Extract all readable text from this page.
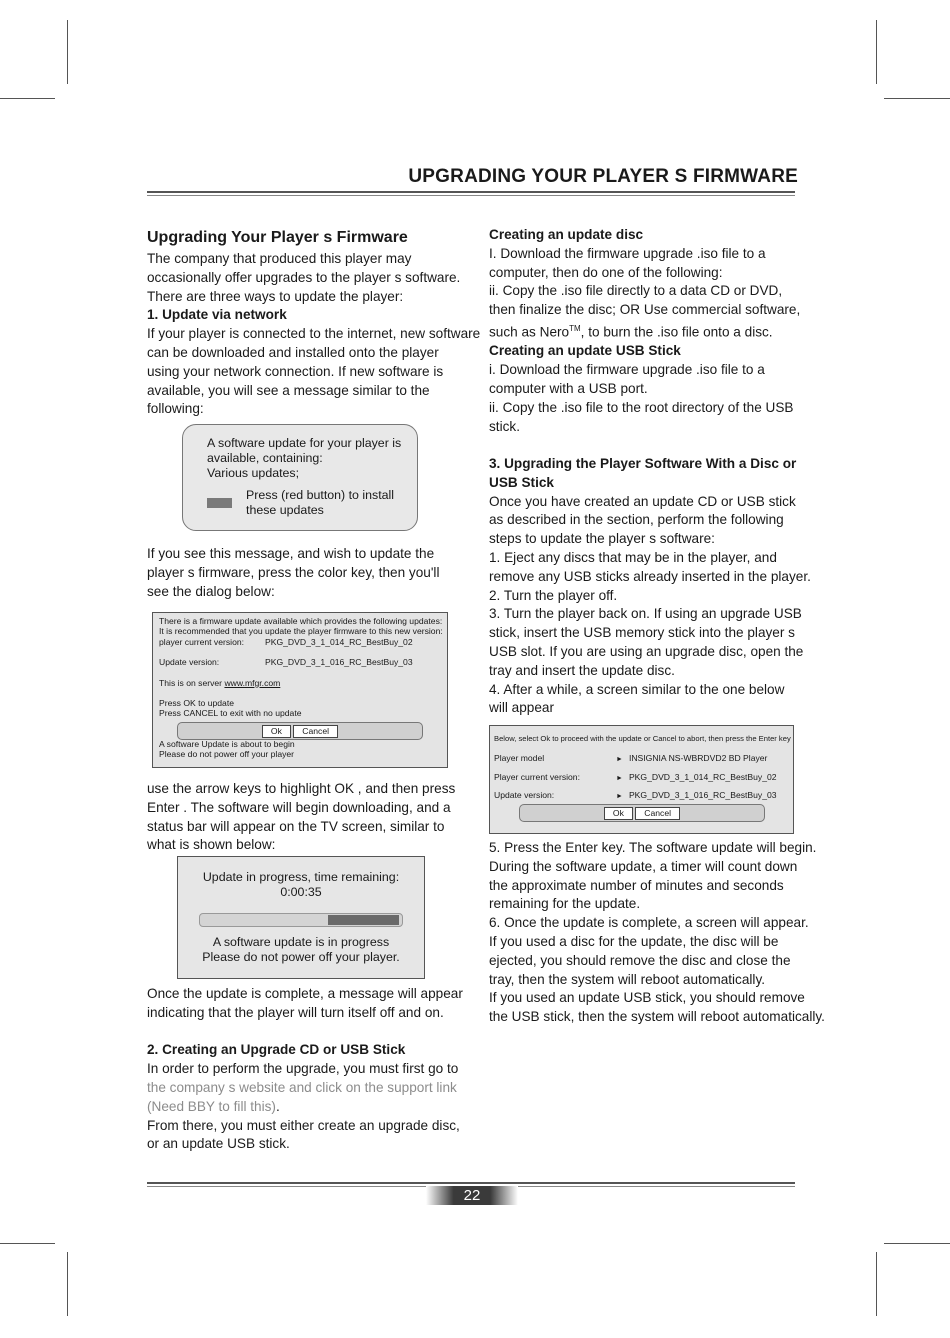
UPGRADING YOUR PLAYER S FIRMWARE

Upgrading Your Player s Firmware

The company that produced this player may

occasionally offer upgrades to the player s software.

There are three ways to update the player:

1. Update via network

If your player is connected to the internet, new software

can be downloaded and installed onto the player

using your network connection. If new software is

available, you will see a message similar to the

following:

A software update for your player is
available, containing:
Various updates;
Press (red button) to install
these updates

If you see this message, and wish to update the

player s firmware, press the color key, then you'll

see the dialog below:

There is a firmware update available which provides the following updates:
It is recommended that you update the player firmware to this new version:
player current version: PKG_DVD_3_1_014_RC_BestBuy_02
Update version:	PKG_DVD_3_1_016_RC_BestBuy_03
This is on server www.mfgr.com
Press OK to update
Press CANCEL to exit with no update
Ok Cancel
A software Update is about to begin
Please do not power off your player

use the arrow keys to highlight OK , and then press

Enter . The software will begin downloading, and a

status bar will appear on the TV screen, similar to

what is shown below:

Update in progress, time remaining:
0:00:35
A software update is in progress
Please do not power off your player.

Once the update is complete, a message will appear

indicating that the player will turn itself off and on.

2. Creating an Upgrade CD or USB Stick

In order to perform the upgrade, you must first go to

the company s website and click on the support link

(Need BBY to fill this).

From there, you must either create an upgrade disc,

or an update USB stick.

Creating an update disc

I. Download the firmware upgrade .iso file to a

computer, then do one of the following:

ii. Copy the .iso file directly to a data CD or DVD,

then finalize the disc; OR Use commercial software,

such as Nero™, to burn the .iso file onto a disc.

Creating an update USB Stick

i. Download the firmware upgrade .iso file to a

computer with a USB port.

ii. Copy the .iso file to the root directory of the USB

stick.

3. Upgrading the Player Software With a Disc or

USB Stick

Once you have created an update CD or USB stick

as described in the section, perform the following

steps to update the player s software:

1. Eject any discs that may be in the player, and

remove any USB sticks already inserted in the player.

2. Turn the player off.

3. Turn the player back on. If using an upgrade USB

stick, insert the USB memory stick into the player s

USB slot. If you are using an upgrade disc, open the

tray and insert the update disc.

4. After a while, a screen similar to the one below

will appear

Below, select Ok to proceed with the update or Cancel to abort, then press the Enter key
Player model	► INSIGNIA NS-WBRDVD2 BD Player
Player current version:	► PKG_DVD_3_1_014_RC_BestBuy_02
Update version:	► PKG_DVD_3_1_016_RC_BestBuy_03
Ok Cancel

5. Press the Enter key. The software update will begin.

During the software update, a timer will count down

the approximate number of minutes and seconds

remaining for the update.

6. Once the update is complete, a screen will appear.

If you used a disc for the update, the disc will be

ejected, you should remove the disc and close the

tray, then the system will reboot automatically.

If you used an update USB stick, you should remove

the USB stick, then the system will reboot automatically.

22
